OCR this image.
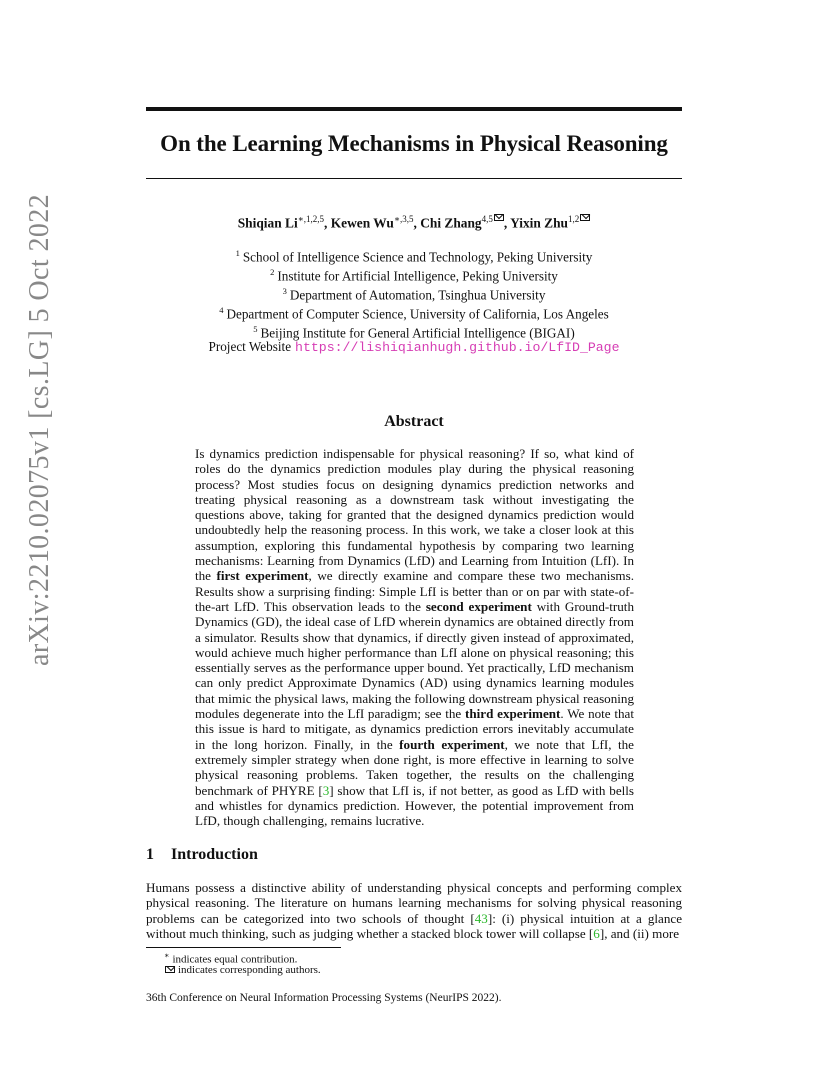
arXiv:2210.02075v1 [cs.LG] 5 Oct 2022
On the Learning Mechanisms in Physical Reasoning
Shiqian $Li^{∗,1,2,5}$, Kewen $Wu^{∗,3,5}$, Chi Zhang$^{4,5}$ , Yixin Zhu$^{1,2}$
$^1$ School of Intelligence Science and Technology, Peking University
$^2$ Institute for Artificial Intelligence, Peking University
$^3$ Department of Automation, Tsinghua University
$^4$ Department of Computer Science, University of California, Los Angeles
$^5$ Beijing Institute for General Artificial Intelligence (BIGAI)
Project Website https://lishiqianhugh.github.io/LfID_Page
Abstract
Is dynamics prediction indispensable for physical reasoning? If so, what kind of roles do the dynamics prediction modules play during the physical reasoning process? Most studies focus on designing dynamics prediction networks and treating physical reasoning as a downstream task without investigating the questions above, taking for granted that the designed dynamics prediction would undoubtedly help the reasoning process. In this work, we take a closer look at this assumption, exploring this fundamental hypothesis by comparing two learning mechanisms: Learning from Dynamics (LfD) and Learning from Intuition (LfI). In the first experiment, we directly examine and compare these two mechanisms. Results show a surprising finding: Simple LfI is better than or on par with state-of-the-art LfD. This observation leads to the second experiment with Ground-truth Dynamics (GD), the ideal case of LfD wherein dynamics are obtained directly from a simulator. Results show that dynamics, if directly given instead of approximated, would achieve much higher performance than LfI alone on physical reasoning; this essentially serves as the performance upper bound. Yet practically, LfD mechanism can only predict Approximate Dynamics (AD) using dynamics learning modules that mimic the physical laws, making the following downstream physical reasoning modules degenerate into the LfI paradigm; see the third experiment. We note that this issue is hard to mitigate, as dynamics prediction errors inevitably accumulate in the long horizon. Finally, in the fourth experiment, we note that LfI, the extremely simpler strategy when done right, is more effective in learning to solve physical reasoning problems. Taken together, the results on the challenging benchmark of PHYRE [3] show that LfI is, if not better, as good as LfD with bells and whistles for dynamics prediction. However, the potential improvement from LfD, though challenging, remains lucrative.
1 Introduction
Humans possess a distinctive ability of understanding physical concepts and performing complex physical reasoning. The literature on humans learning mechanisms for solving physical reasoning problems can be categorized into two schools of thought [43]: (i) physical intuition at a glance without much thinking, such as judging whether a stacked block tower will collapse [6], and (ii) more
∗ indicates equal contribution.
indicates corresponding authors.
36th Conference on Neural Information Processing Systems (NeurIPS 2022).
